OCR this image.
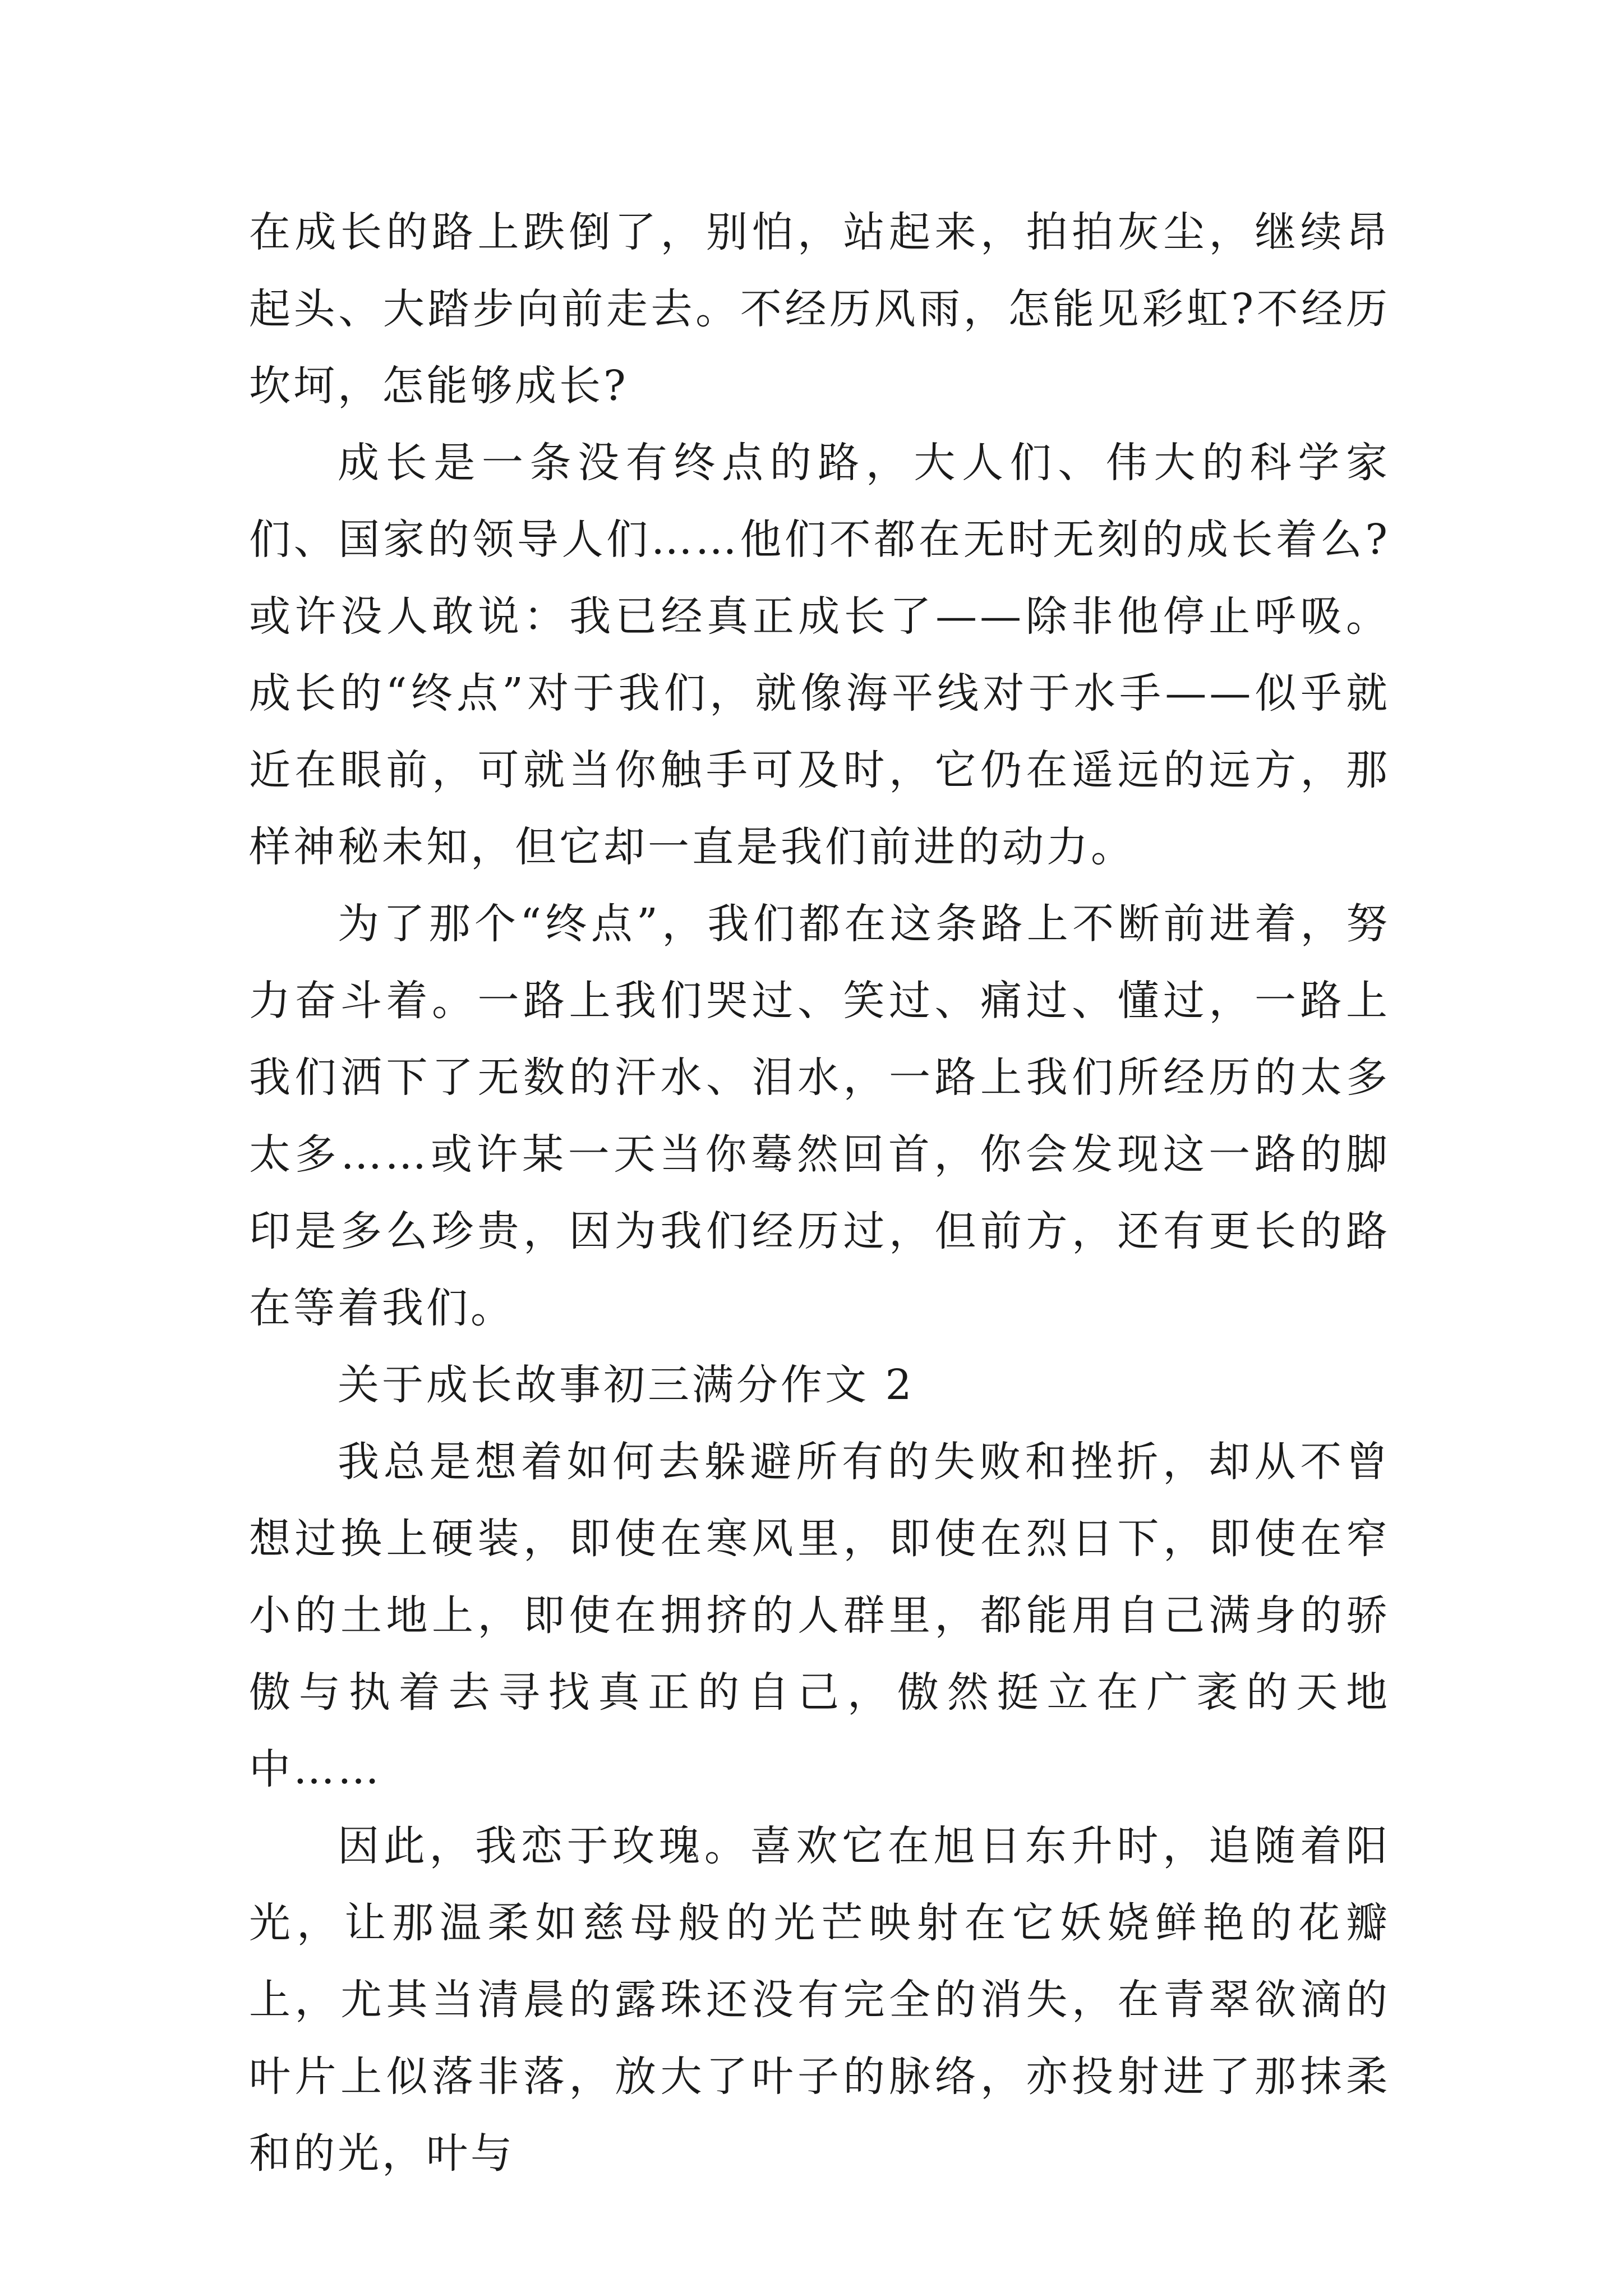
在成长的路上跌倒了，别怕，站起来，拍拍灰尘，继续昂起头、大踏步向前走去。不经历风雨，怎能见彩虹?不经历坎坷，怎能够成长?

成长是一条没有终点的路，大人们、伟大的科学家们、国家的领导人们……他们不都在无时无刻的成长着么?或许没人敢说：我已经真正成长了——除非他停止呼吸。成长的“终点”对于我们，就像海平线对于水手——似乎就近在眼前，可就当你触手可及时，它仍在遥远的远方，那样神秘未知，但它却一直是我们前进的动力。

为了那个“终点”，我们都在这条路上不断前进着，努力奋斗着。一路上我们哭过、笑过、痛过、懂过，一路上我们洒下了无数的汗水、泪水，一路上我们所经历的太多太多……或许某一天当你蓦然回首，你会发现这一路的脚印是多么珍贵，因为我们经历过，但前方，还有更长的路在等着我们。

关于成长故事初三满分作文 2

我总是想着如何去躲避所有的失败和挫折，却从不曾想过换上硬装，即使在寒风里，即使在烈日下，即使在窄小的土地上，即使在拥挤的人群里，都能用自己满身的骄傲与执着去寻找真正的自己，傲然挺立在广袤的天地中……

因此，我恋于玫瑰。喜欢它在旭日东升时，追随着阳光，让那温柔如慈母般的光芒映射在它妖娆鲜艳的花瓣上，尤其当清晨的露珠还没有完全的消失，在青翠欲滴的叶片上似落非落，放大了叶子的脉络，亦投射进了那抹柔和的光，叶与
